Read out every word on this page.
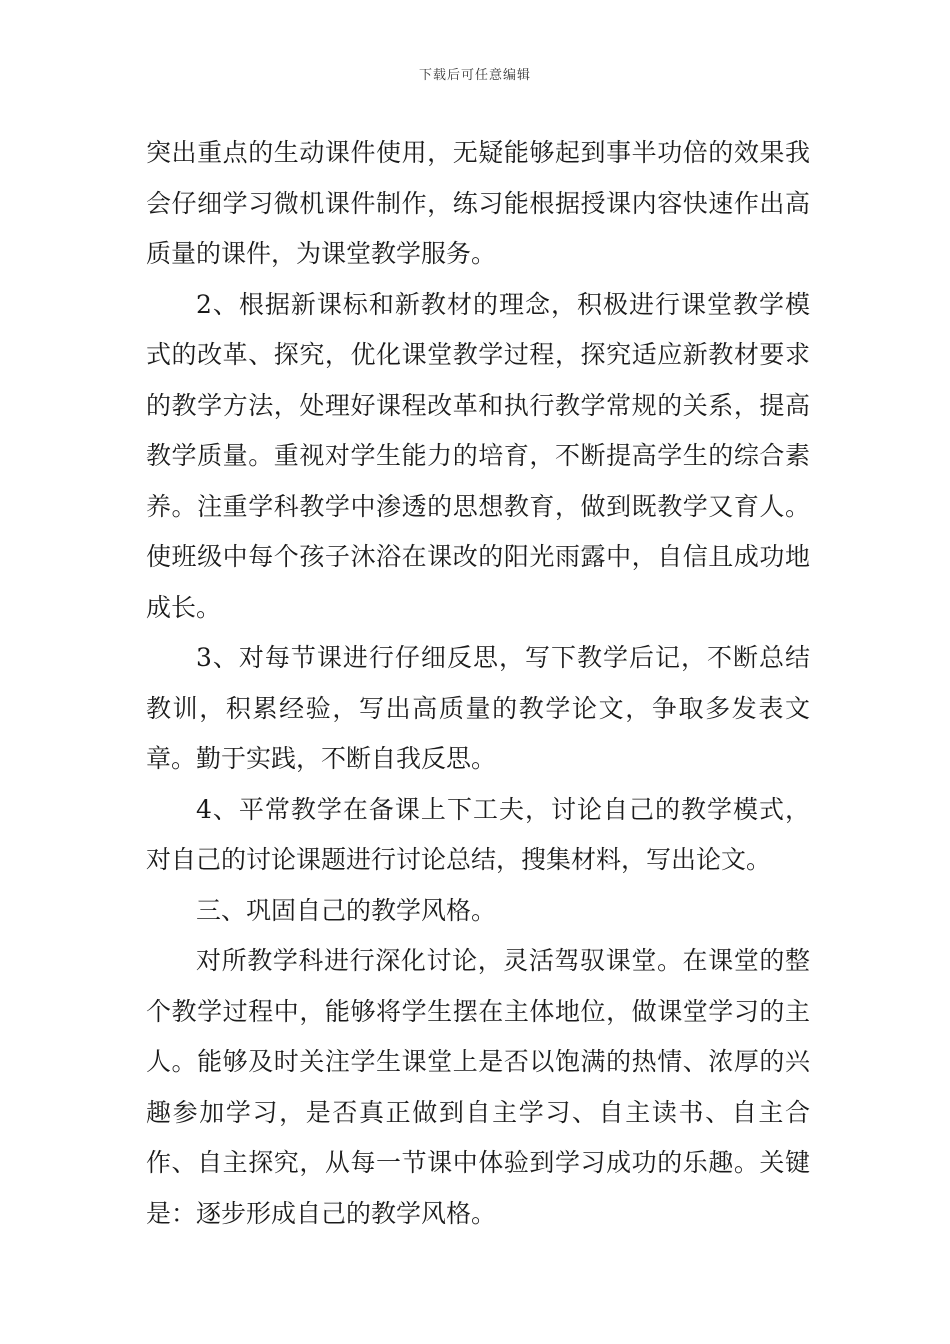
下载后可任意编辑

突出重点的生动课件使用，无疑能够起到事半功倍的效果我会仔细学习微机课件制作，练习能根据授课内容快速作出高质量的课件，为课堂教学服务。

2、根据新课标和新教材的理念，积极进行课堂教学模式的改革、探究，优化课堂教学过程，探究适应新教材要求的教学方法，处理好课程改革和执行教学常规的关系，提高教学质量。重视对学生能力的培育，不断提高学生的综合素养。注重学科教学中渗透的思想教育，做到既教学又育人。使班级中每个孩子沐浴在课改的阳光雨露中，自信且成功地成长。

3、对每节课进行仔细反思，写下教学后记，不断总结教训，积累经验，写出高质量的教学论文，争取多发表文章。勤于实践，不断自我反思。

4、平常教学在备课上下工夫，讨论自己的教学模式，对自己的讨论课题进行讨论总结，搜集材料，写出论文。

三、巩固自己的教学风格。

对所教学科进行深化讨论，灵活驾驭课堂。在课堂的整个教学过程中，能够将学生摆在主体地位，做课堂学习的主人。能够及时关注学生课堂上是否以饱满的热情、浓厚的兴趣参加学习，是否真正做到自主学习、自主读书、自主合作、自主探究，从每一节课中体验到学习成功的乐趣。关键是：逐步形成自己的教学风格。
